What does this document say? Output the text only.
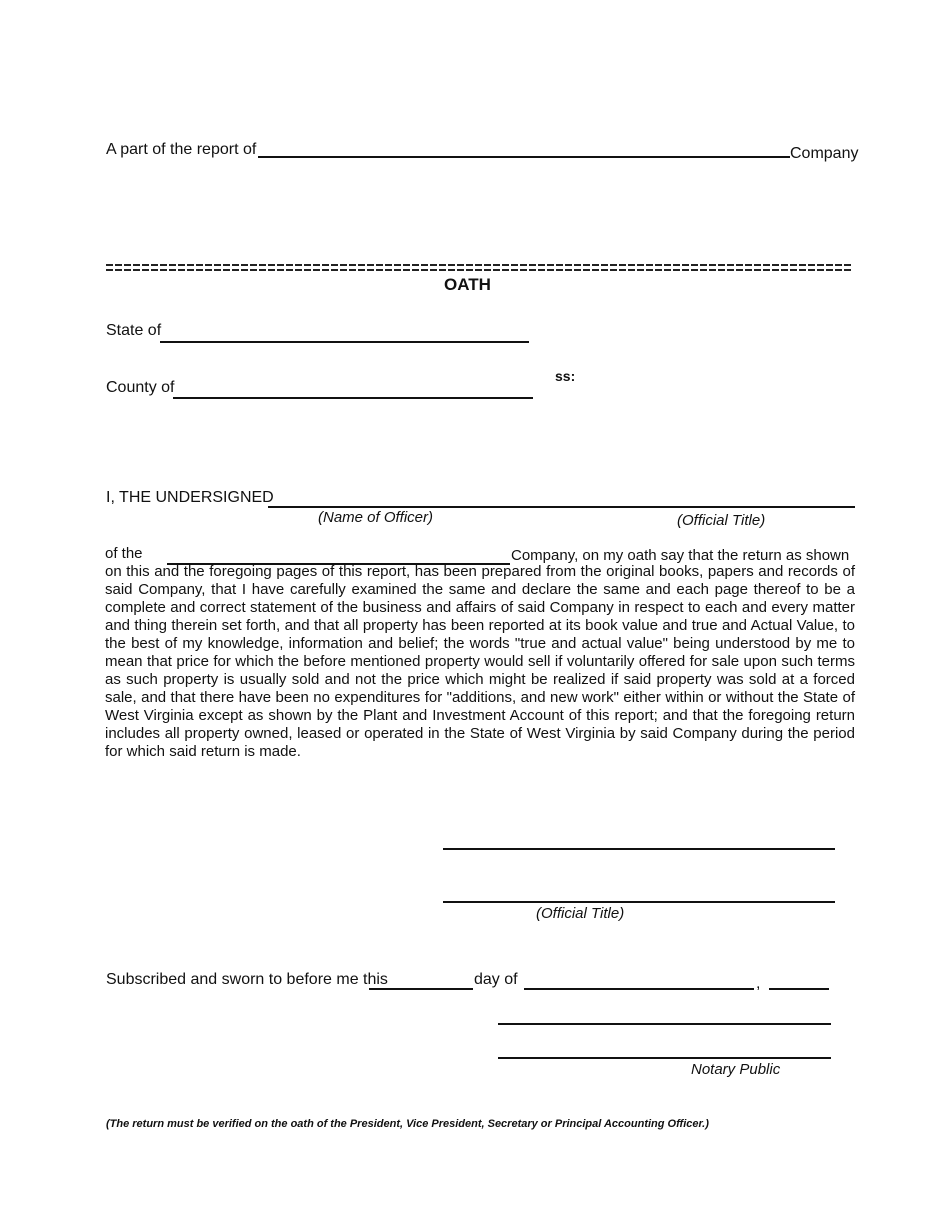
A part of the report of	Company
OATH
State of
ss:
County of
I, THE UNDERSIGNED
(Name of Officer)	(Official Title)
of the	Company, on my oath say that the return as shown
on this and the foregoing pages of this report, has been prepared from the original books, papers and records of said Company, that I have carefully examined the same and declare the same and each page thereof to be a complete and correct statement of the business and affairs of said Company in respect to each and every matter and thing therein set forth, and that all property has been reported at its book value and true and Actual Value, to the best of my knowledge, information and belief; the words "true and actual value" being understood by me to mean that price for which the before mentioned property would sell if voluntarily offered for sale upon such terms as such property is usually sold and not the price which might be realized if said property was sold at a forced sale, and that there have been no expenditures for "additions, and new work" either within or without the State of West Virginia except as shown by the Plant and Investment Account of this report; and that the foregoing return includes all property owned, leased or operated in the State of West Virginia by said Company during the period for which said return is made.
(Official Title)
Subscribed and sworn to before me this	day of	,
Notary Public
(The return must be verified on the oath of the President, Vice President, Secretary or Principal Accounting Officer.)
